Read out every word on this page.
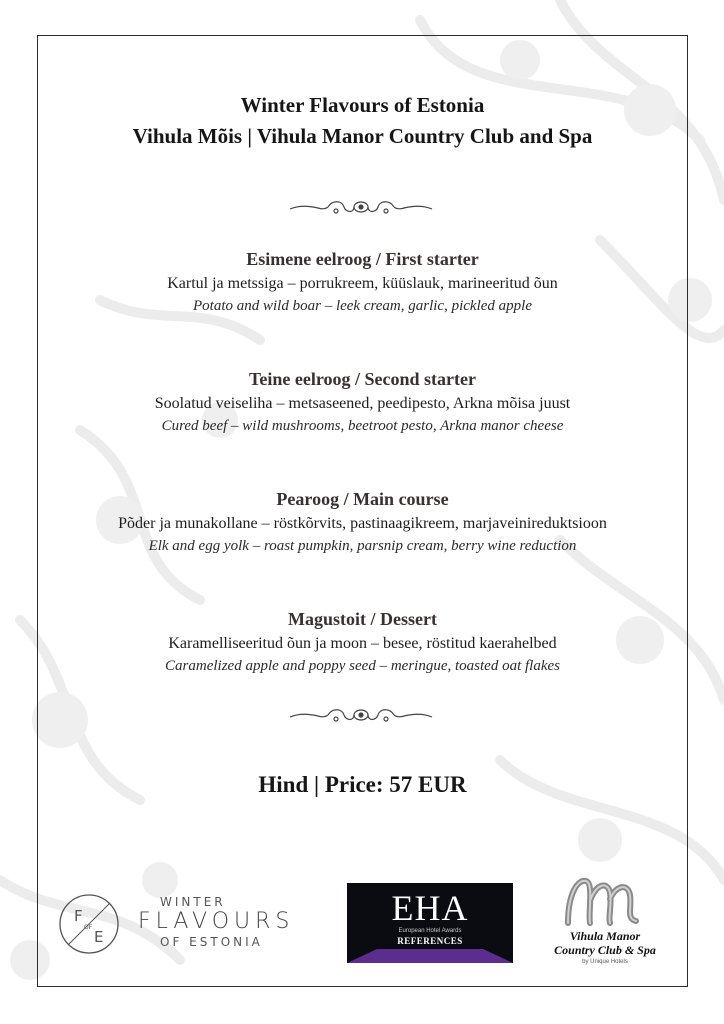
Winter Flavours of Estonia
Vihula Mõis | Vihula Manor Country Club and Spa
Esimene eelroog / First starter
Kartul ja metssiga – porrukreem, küüslauk, marineeritud õun
Potato and wild boar – leek cream, garlic, pickled apple
Teine eelroog / Second starter
Soolatud veiseliha – metsaseened, peedipesto, Arkna mõisa juust
Cured beef – wild mushrooms, beetroot pesto, Arkna manor cheese
Pearoog / Main course
Põder ja munakollane – röstkõrvits, pastinaagikreem, marjaveinireduktsioon
Elk and egg yolk – roast pumpkin, parsnip cream, berry wine reduction
Magustoit / Dessert
Karamelliseeritud õun ja moon – besee, röstitud kaerahelbed
Caramelized apple and poppy seed – meringue, toasted oat flakes
Hind | Price: 57 EUR
F
OF
E
WINTER
FLAVOURS
OF ESTONIA
EHA
European Hotel Awards
REFERENCES	Vihula Manor
Country Club & Spa
by Unique Hotels
